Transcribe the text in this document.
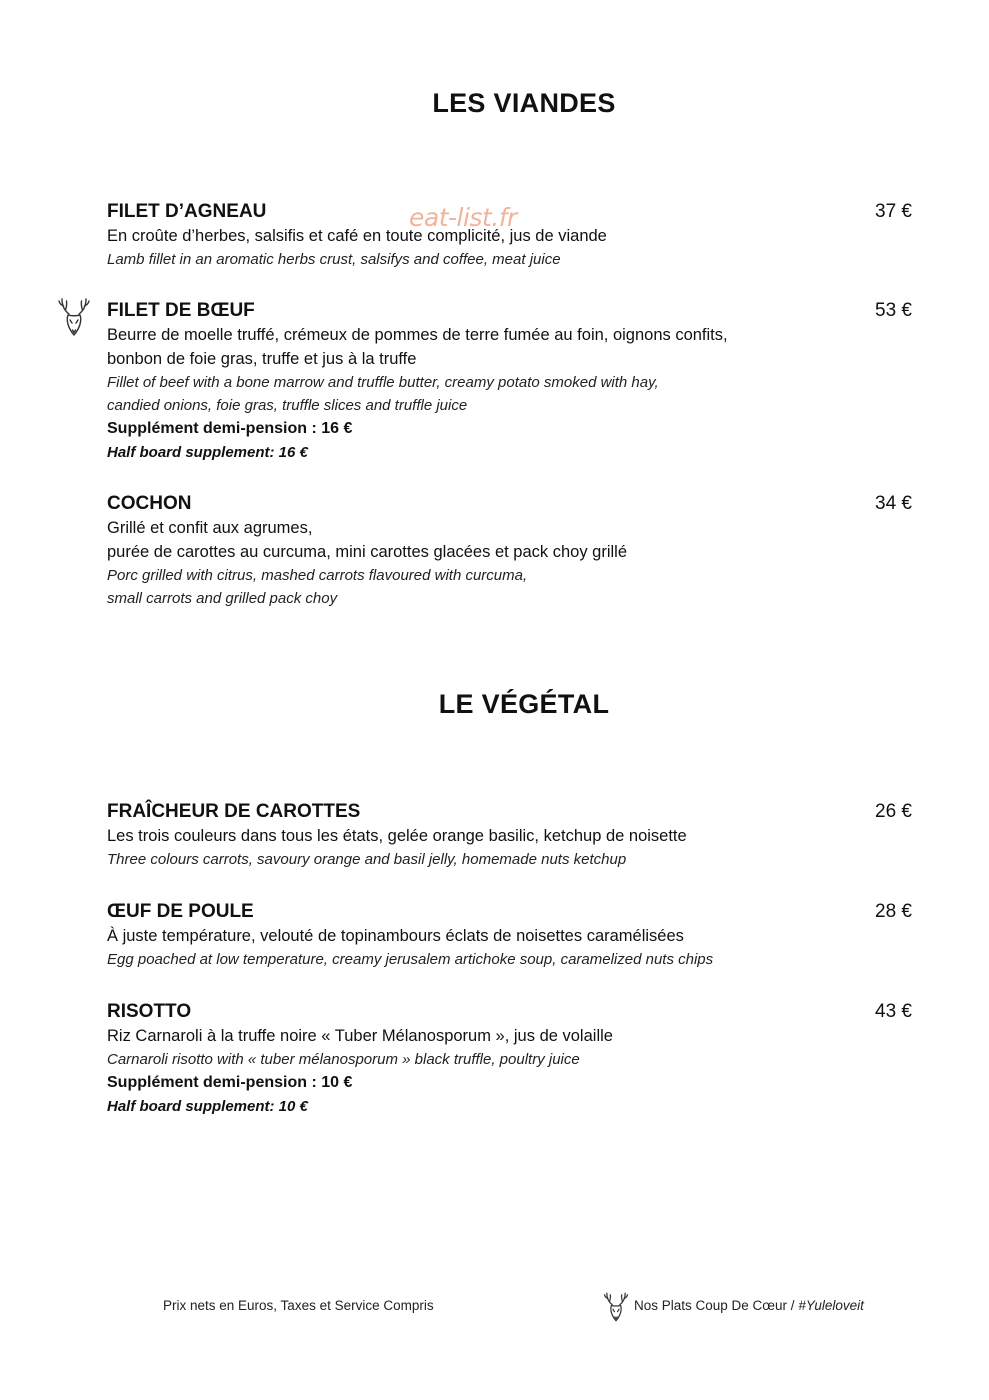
LES VIANDES
eat-list.fr
FILET D’AGNEAU	37 €

En croûte d’herbes, salsifis et café en toute complicité, jus de viande

Lamb fillet in an aromatic herbs crust, salsifys and coffee, meat juice

FILET DE BŒUF	53 €

Beurre de moelle truffé, crémeux de pommes de terre fumée au foin, oignons confits,

bonbon de foie gras, truffe et jus à la truffe

Fillet of beef with a bone marrow and truffle butter, creamy potato smoked with hay,

candied onions, foie gras, truffle slices and truffle juice

Supplément demi-pension : 16 €

Half board supplement: 16 €

COCHON	34 €

Grillé et confit aux agrumes,

purée de carottes au curcuma, mini carottes glacées et pack choy grillé

Porc grilled with citrus, mashed carrots flavoured with curcuma,

small carrots and grilled pack choy

LE VÉGÉTAL
FRAÎCHEUR DE CAROTTES	26 €

Les trois couleurs dans tous les états, gelée orange basilic, ketchup de noisette

Three colours carrots, savoury orange and basil jelly, homemade nuts ketchup

ŒUF DE POULE	28 €

À juste température, velouté de topinambours éclats de noisettes caramélisées

Egg poached at low temperature, creamy jerusalem artichoke soup, caramelized nuts chips

RISOTTO	43 €

Riz Carnaroli à la truffe noire « Tuber Mélanosporum », jus de volaille

Carnaroli risotto with « tuber mélanosporum » black truffle, poultry juice

Supplément demi-pension : 10 €

Half board supplement: 10 €

Prix nets en Euros, Taxes et Service Compris	Nos Plats Coup De Cœur / #Yuleloveit
